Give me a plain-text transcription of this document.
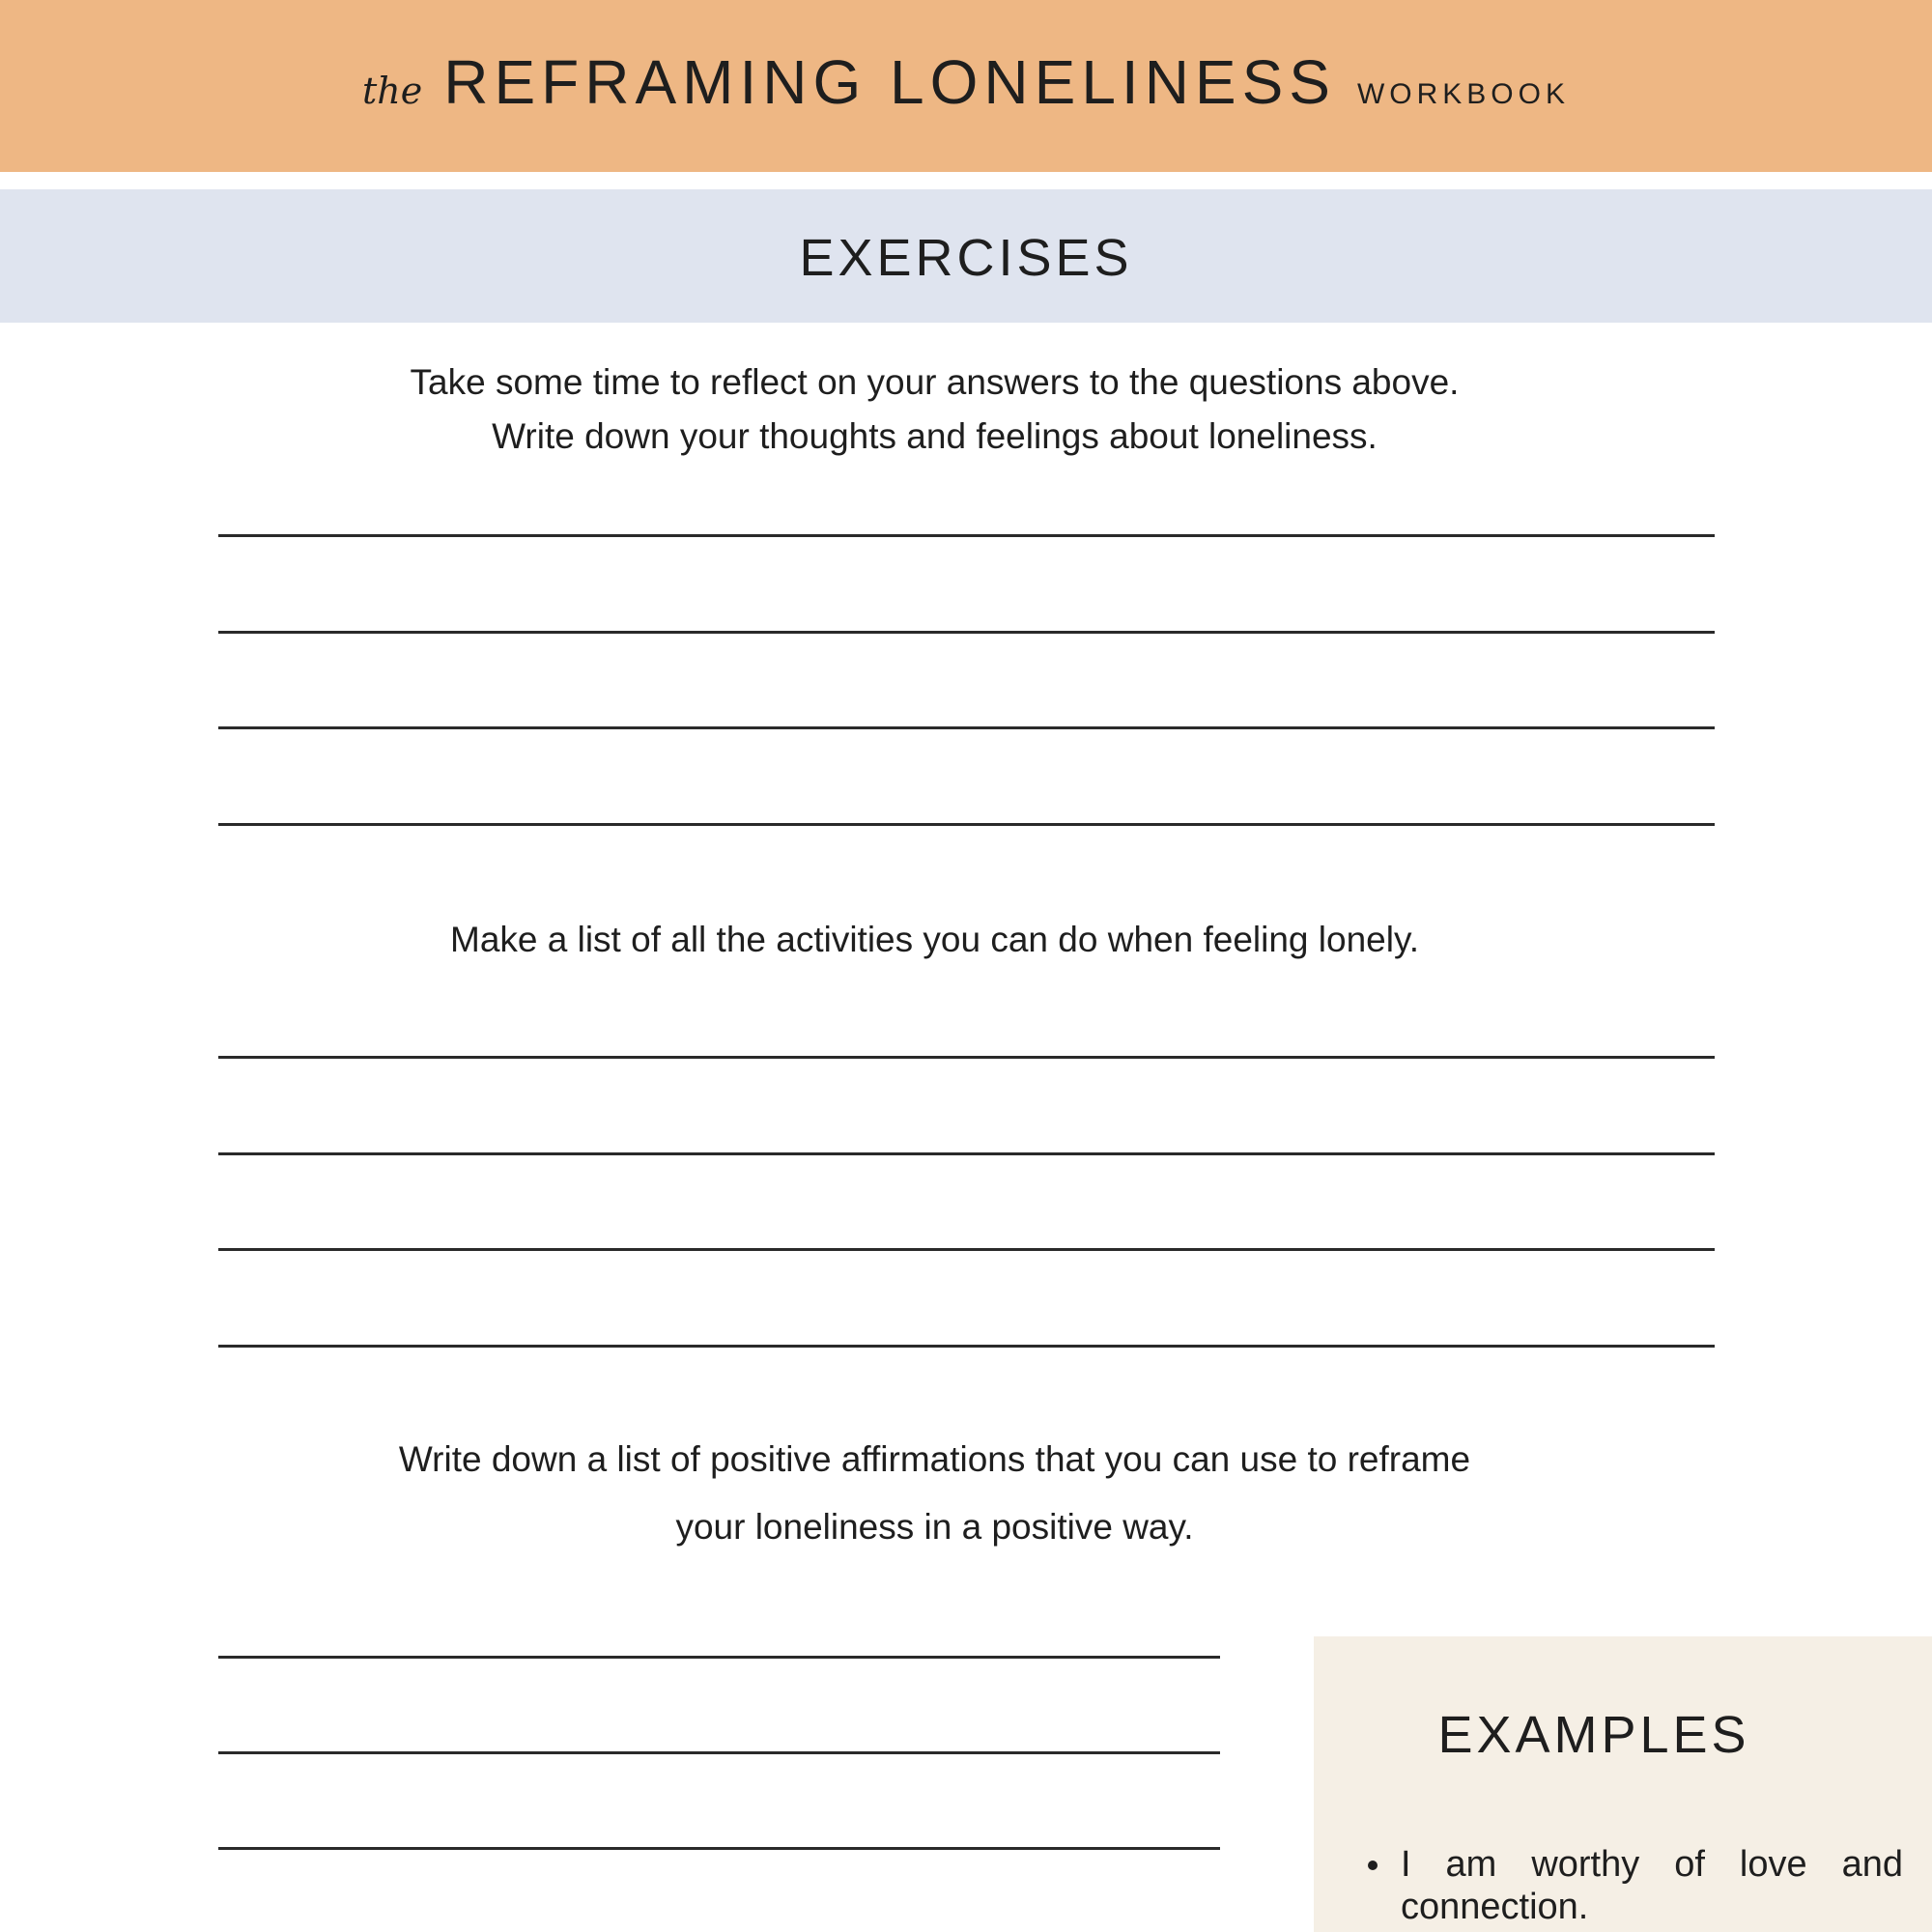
the REFRAMING LONELINESS WORKBOOK
EXERCISES
Take some time to reflect on your answers to the questions above.
Write down your thoughts and feelings about loneliness.
Make a list of all the activities you can do when feeling lonely.
Write down a list of positive affirmations that you can use to reframe
your loneliness in a positive way.
EXAMPLES
I am worthy of love and connection.
